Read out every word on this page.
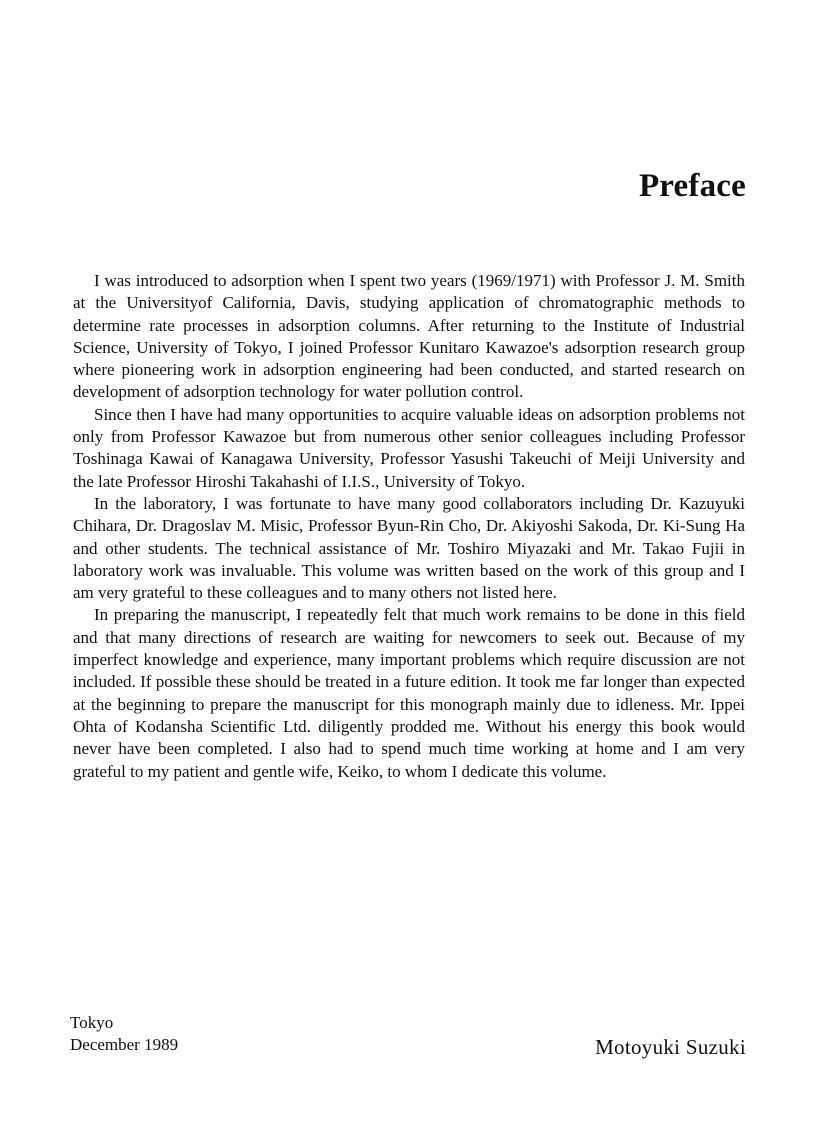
Preface

I was introduced to adsorption when I spent two years (1969/1971) with Professor J. M. Smith at the Universityof California, Davis, studying application of chromatographic methods to determine rate processes in adsorption columns. After returning to the Institute of Industrial Science, University of Tokyo, I joined Professor Kunitaro Kawazoe's adsorption research group where pioneering work in adsorption engineering had been conducted, and started research on development of adsorption technology for water pollution control.

Since then I have had many opportunities to acquire valuable ideas on adsorption problems not only from Professor Kawazoe but from numerous other senior colleagues including Professor Toshinaga Kawai of Kanagawa University, Professor Yasushi Takeuchi of Meiji University and the late Professor Hiroshi Takahashi of I.I.S., University of Tokyo.

In the laboratory, I was fortunate to have many good collaborators including Dr. Kazuyuki Chihara, Dr. Dragoslav M. Misic, Professor Byun-Rin Cho, Dr. Akiyoshi Sakoda, Dr. Ki-Sung Ha and other students. The technical assistance of Mr. Toshiro Miyazaki and Mr. Takao Fujii in laboratory work was invaluable. This volume was written based on the work of this group and I am very grateful to these colleagues and to many others not listed here.

In preparing the manuscript, I repeatedly felt that much work remains to be done in this field and that many directions of research are waiting for newcomers to seek out. Because of my imperfect knowledge and experience, many important problems which require discussion are not included. If possible these should be treated in a future edition. It took me far longer than expected at the beginning to prepare the manuscript for this monograph mainly due to idleness. Mr. Ippei Ohta of Kodansha Scientific Ltd. diligently prodded me. Without his energy this book would never have been completed. I also had to spend much time working at home and I am very grateful to my patient and gentle wife, Keiko, to whom I dedicate this volume.

Tokyo
December 1989	Motoyuki Suzuki
